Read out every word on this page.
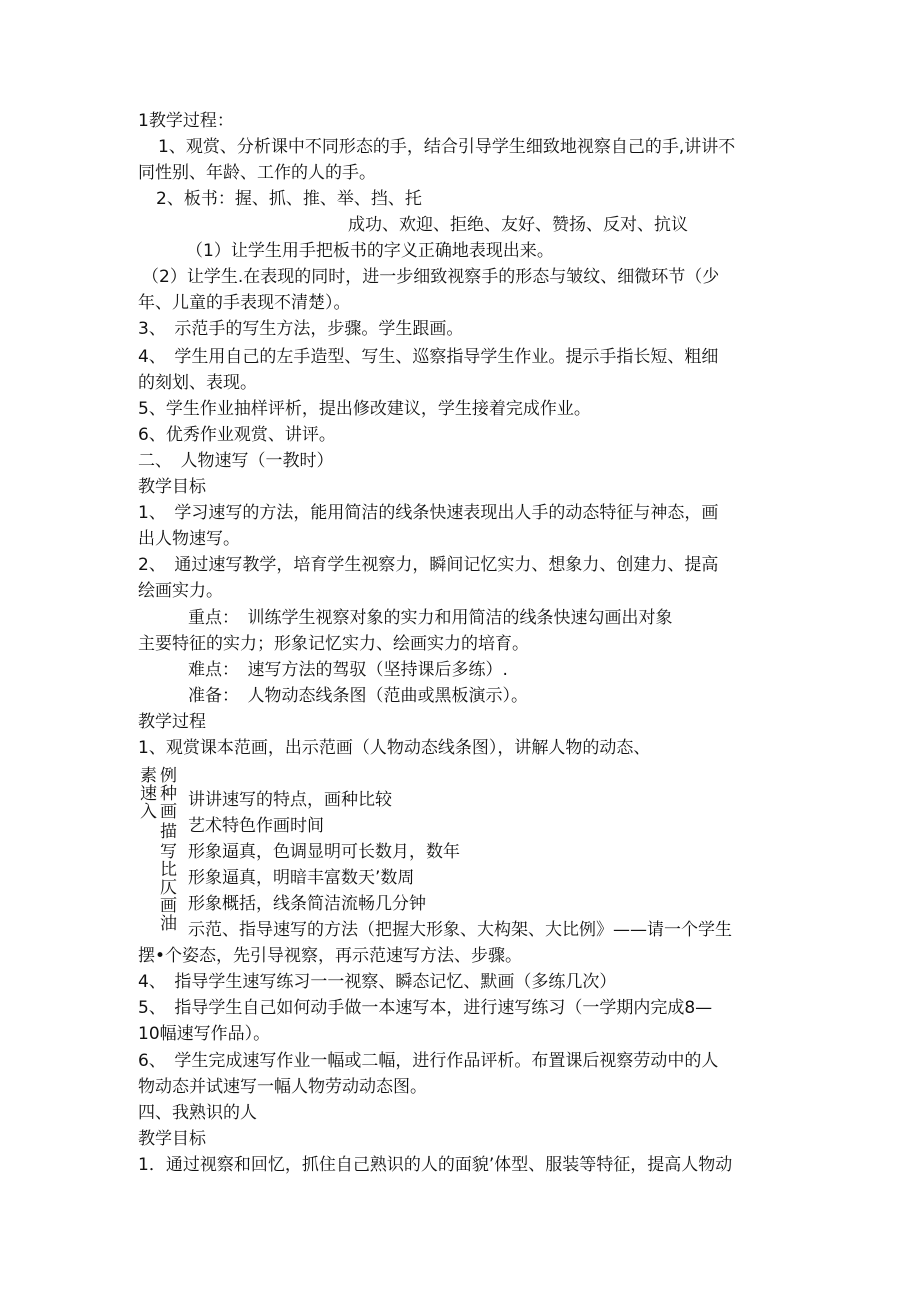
1教学过程：
1、观赏、分析课中不同形态的手，结合引导学生细致地视察自己的手,讲讲不
同性别、年龄、工作的人的手。
2、板书：握、抓、推、举、挡、托
成功、欢迎、拒绝、友好、赞扬、反对、抗议
（1）让学生用手把板书的字义正确地表现出来。
（2）让学生.在表现的同时，进一步细致视察手的形态与皱纹、细微环节（少
年、儿童的手表现不清楚）。
3、　示范手的写生方法，步骤。学生跟画。
4、　学生用自己的左手造型、写生、巡察指导学生作业。提示手指长短、粗细
的刻划、表现。
5、学生作业抽样评析，提出修改建议，学生接着完成作业。
6、优秀作业观赏、讲评。
二、　人物速写（一教时）
教学目标
1、　学习速写的方法，能用简洁的线条快速表现出人手的动态特征与神态，画
出人物速写。
2、　通过速写教学，培育学生视察力，瞬间记忆实力、想象力、创建力、提高
绘画实力。
重点：　训练学生视察对象的实力和用简洁的线条快速勾画出对象
主要特征的实力；形象记忆实力、绘画实力的培育。
难点：　速写方法的驾驭（坚持课后多练）.
准备：　人物动态线条图（范曲或黑板演示）。
教学过程
1、观赏课本范画，出示范画（人物动态线条图），讲解人物的动态、
素 例
速 种
入 画
描
写
比
仄
画
油
讲讲速写的特点，画种比较
艺术特色作画时间
形象逼真，色调显明可长数月，数年
形象逼真，明暗丰富数天’数周
形象概括，线条简洁流畅几分钟
示范、指导速写的方法（把握大形象、大构架、大比例》——请一个学生
摆•个姿态，先引导视察，再示范速写方法、步骤。
4、　指导学生速写练习一一视察、瞬态记忆、默画（多练几次）
5、　指导学生自己如何动手做一本速写本，进行速写练习（一学期内完成8—
10幅速写作品）。
6、　学生完成速写作业一幅或二幅，进行作品评析。布置课后视察劳动中的人
物动态并试速写一幅人物劳动动态图。
四、我熟识的人
教学目标
1．通过视察和回忆，抓住自己熟识的人的面貌’体型、服装等特征，提高人物动
